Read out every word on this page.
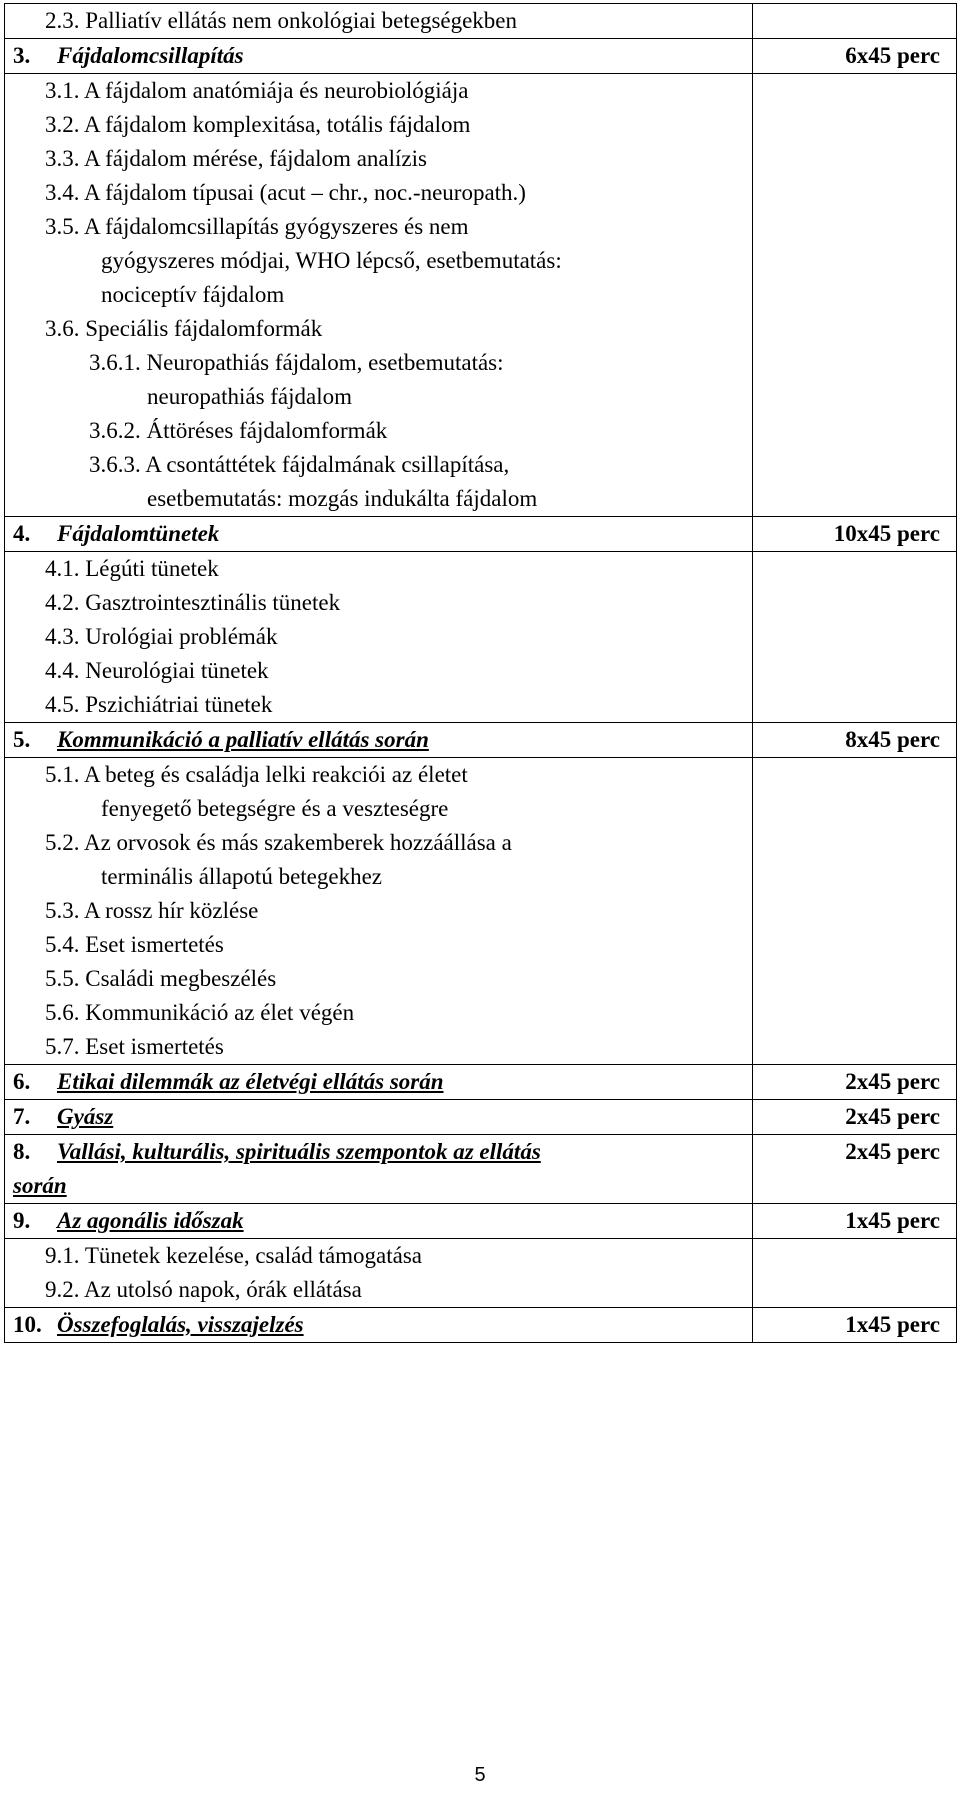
2.3. Palliatív ellátás nem onkológiai betegségekben	

3. Fájdalomcsillapítás	6x45 perc

3.1. A fájdalom anatómiája és neurobiológiája	

3.2. A fájdalom komplexitása, totális fájdalom	

3.3. A fájdalom mérése, fájdalom analízis	

3.4. A fájdalom típusai (acut – chr., noc.-neuropath.)	

3.5. A fájdalomcsillapítás gyógyszeres és nem
gyógyszeres módjai, WHO lépcső, esetbemutatás:
nociceptív fájdalom	

3.6. Speciális fájdalomformák	

3.6.1. Neuropathiás fájdalom, esetbemutatás:
neuropathiás fájdalom	

3.6.2. Áttöréses fájdalomformák	

3.6.3. A csontáttétek fájdalmának csillapítása,
esetbemutatás: mozgás indukálta fájdalom	

4. Fájdalomtünetek	10x45 perc

4.1. Légúti tünetek	

4.2. Gasztrointesztinális tünetek	

4.3. Urológiai problémák	

4.4. Neurológiai tünetek	

4.5. Pszichiátriai tünetek	

5. Kommunikáció a palliatív ellátás során	8x45 perc

5.1. A beteg és családja lelki reakciói az életet
fenyegető betegségre és a veszteségre	

5.2. Az orvosok és más szakemberek hozzáállása a
terminális állapotú betegekhez	

5.3. A rossz hír közlése	

5.4. Eset ismertetés	

5.5. Családi megbeszélés	

5.6. Kommunikáció az élet végén	

5.7. Eset ismertetés	

6. Etikai dilemmák az életvégi ellátás során	2x45 perc
7. Gyász	2x45 perc
8. Vallási, kulturális, spirituális szempontok az ellátás
során	2x45 perc
9. Az agonális időszak	1x45 perc

9.1. Tünetek kezelése, család támogatása	

9.2. Az utolsó napok, órák ellátása	

10. Összefoglalás, visszajelzés	1x45 perc
5
